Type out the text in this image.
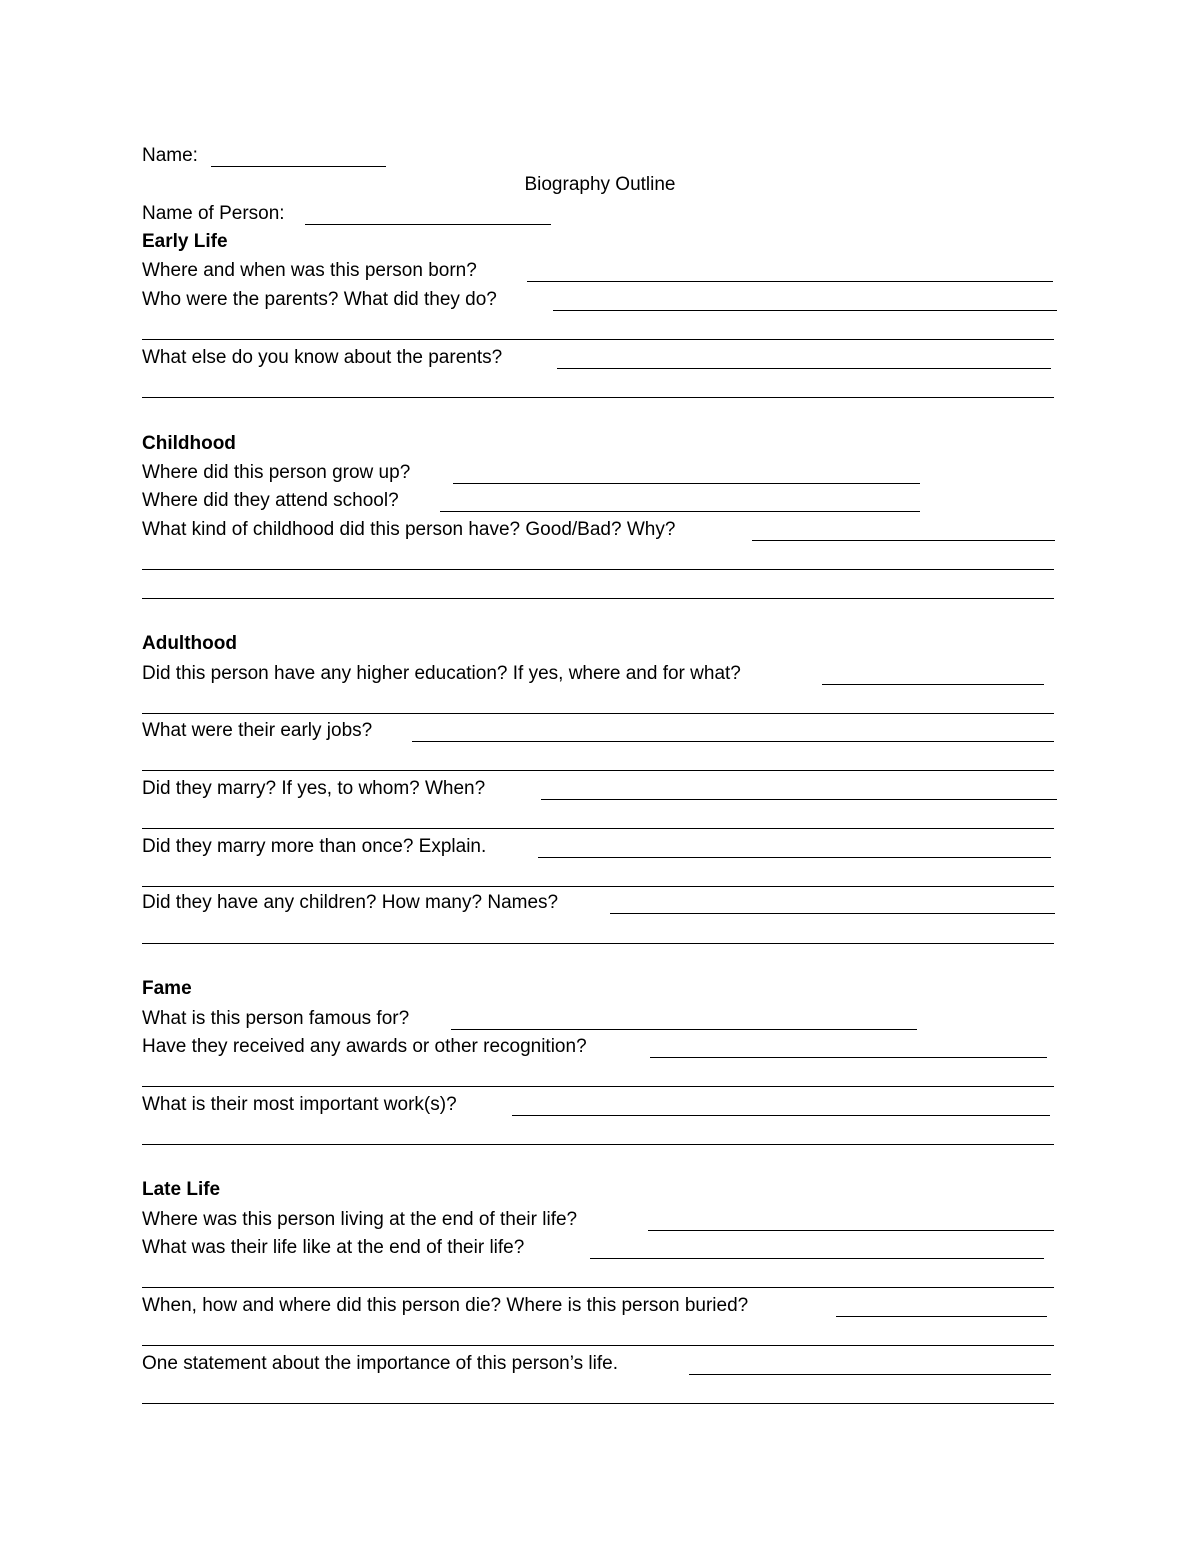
Name:
Biography Outline
Name of Person:
Early Life
Where and when was this person born?
Who were the parents? What did they do?
What else do you know about the parents?
Childhood
Where did this person grow up?
Where did they attend school?
What kind of childhood did this person have? Good/Bad? Why?
Adulthood
Did this person have any higher education? If yes, where and for what?
What were their early jobs?
Did they marry? If yes, to whom? When?
Did they marry more than once? Explain.
Did they have any children? How many? Names?
Fame
What is this person famous for?
Have they received any awards or other recognition?
What is their most important work(s)?
Late Life
Where was this person living at the end of their life?
What was their life like at the end of their life?
When, how and where did this person die? Where is this person buried?
One statement about the importance of this person’s life.
